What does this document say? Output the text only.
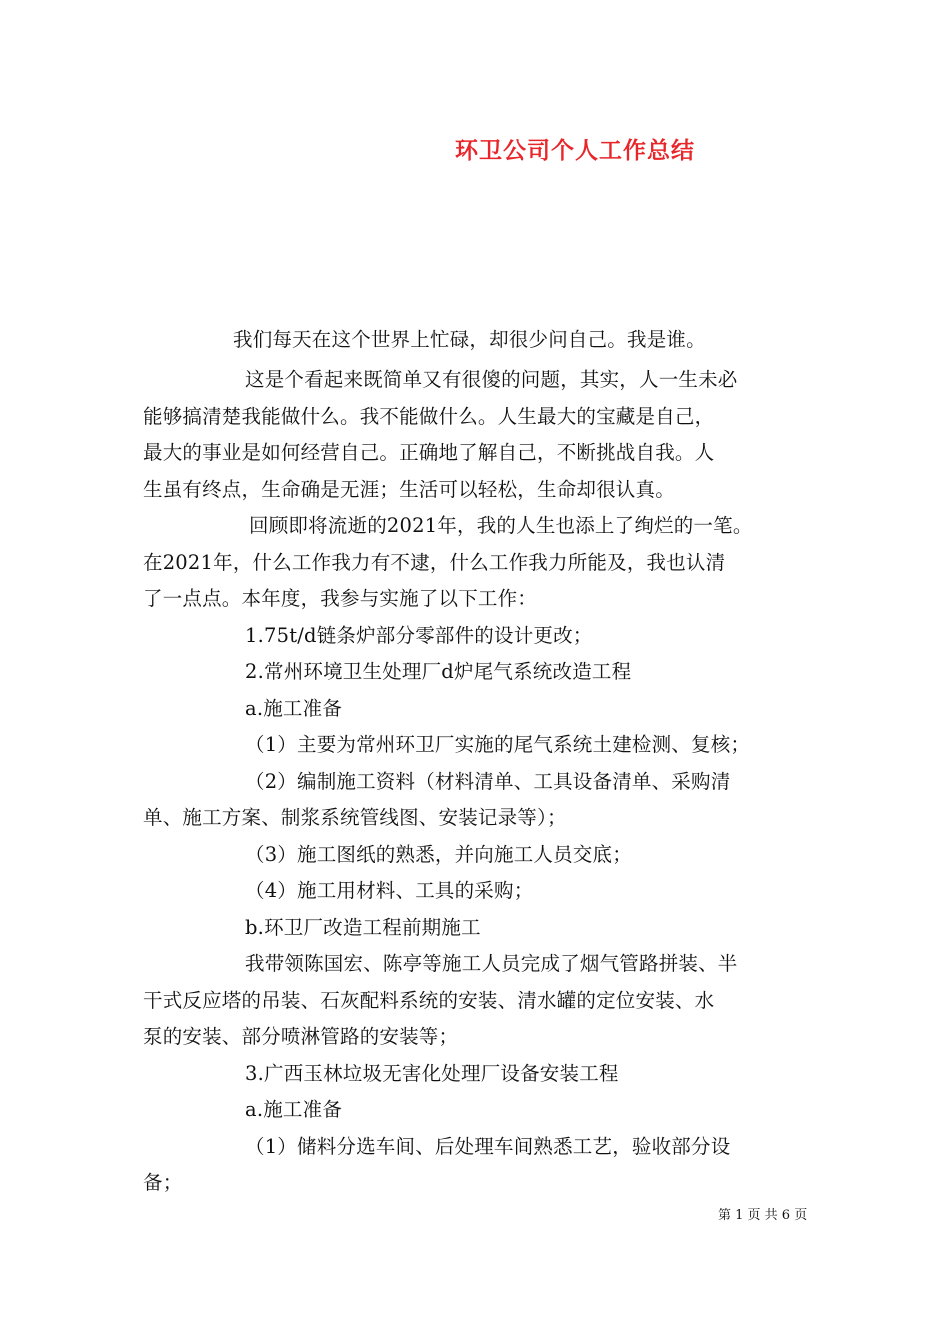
环卫公司个人工作总结
我们每天在这个世界上忙碌，却很少问自己。我是谁。
这是个看起来既简单又有很傻的问题，其实，人一生未必
能够搞清楚我能做什么。我不能做什么。人生最大的宝藏是自己，
最大的事业是如何经营自己。正确地了解自己，不断挑战自我。人
生虽有终点，生命确是无涯；生活可以轻松，生命却很认真。
回顾即将流逝的2021年，我的人生也添上了绚烂的一笔。
在2021年，什么工作我力有不逮，什么工作我力所能及，我也认清
了一点点。本年度，我参与实施了以下工作：
1.75t/d链条炉部分零部件的设计更改；
2.常州环境卫生处理厂d炉尾气系统改造工程
a.施工准备
（1）主要为常州环卫厂实施的尾气系统土建检测、复核；
（2）编制施工资料（材料清单、工具设备清单、采购清
单、施工方案、制浆系统管线图、安装记录等）；
（3）施工图纸的熟悉，并向施工人员交底；
（4）施工用材料、工具的采购；
b.环卫厂改造工程前期施工
我带领陈国宏、陈亭等施工人员完成了烟气管路拼装、半
干式反应塔的吊装、石灰配料系统的安装、清水罐的定位安装、水
泵的安装、部分喷淋管路的安装等；
3.广西玉林垃圾无害化处理厂设备安装工程
a.施工准备
（1）储料分选车间、后处理车间熟悉工艺，验收部分设
备；
第 1 页 共 6 页
